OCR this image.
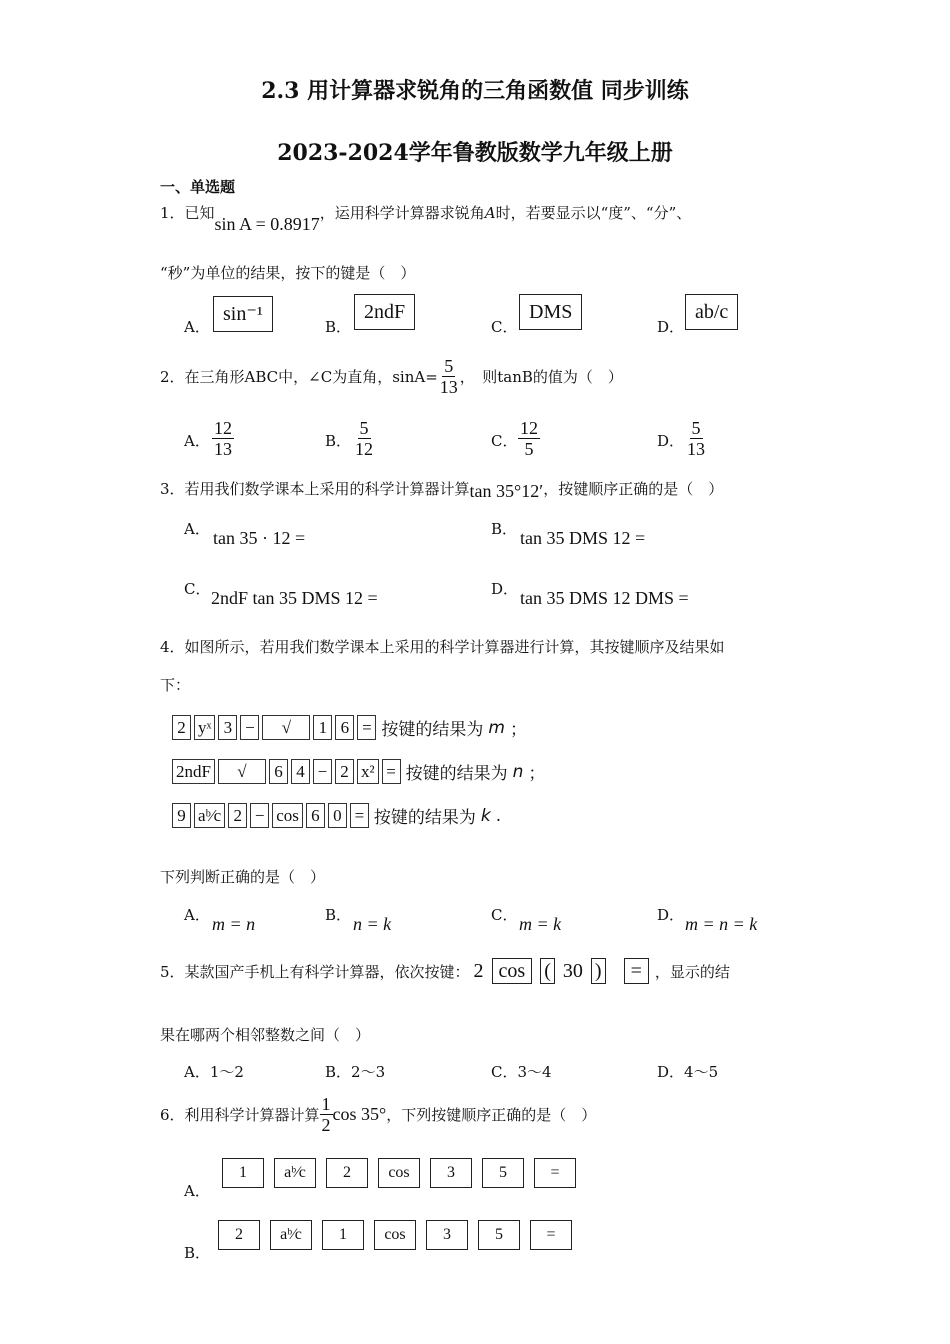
2.3 用计算器求锐角的三角函数值 同步训练
2023-2024学年鲁教版数学九年级上册
一、单选题
1．已知sin A = 0.8917，运用科学计算器求锐角A时，若要显示以“度”、“分”、
“秒”为单位的结果，按下的键是（　）
A．
sin⁻¹
B．
2ndF
C．
DMS
D．
ab/c
2．在三角形ABC中，∠C为直角，$\sin A= \frac{5}{13}$ ，　则tanB的值为（　）
A． $\frac{12}{13}$	B． $\frac{5}{12}$	C． $\frac{12}{5}$	D． $\frac{5}{13}$
3．若用我们数学课本上采用的科学计算器计算tan 35°12′，按键顺序正确的是（　）
A． tan 35 · 12 =	B． tan 35 DMS 12 =
C． 2ndF tan 35 DMS 12 =	D． tan 35 DMS 12 DMS =
4．如图所示，若用我们数学课本上采用的科学计算器进行计算，其按键顺序及结果如
下：
2 yˣ 3 −	√	1 6 = 按键的结果为 m ；
2ndF	√	6 4 − 2 x² = 按键的结果为 n ；
9 aᵇ⁄c 2 − cos 6 0 = 按键的结果为 k .
下列判断正确的是（　）
A． m = n	B． n = k	C． m = k	D． m = n = k
5．某款国产手机上有科学计算器，依次按键： 2 cos ( 30 )	= ，显示的结
果在哪两个相邻整数之间（　）
A．1～2	B．2～3	C．3～4	D．4～5
6．利用科学计算器计算 $\frac{1}{2}$ cos 35° ，下列按键顺序正确的是（　）
A．
1 aᵇ⁄c 2 cos 3	5	=
B．
2 aᵇ⁄c 1 cos 3	5	=
